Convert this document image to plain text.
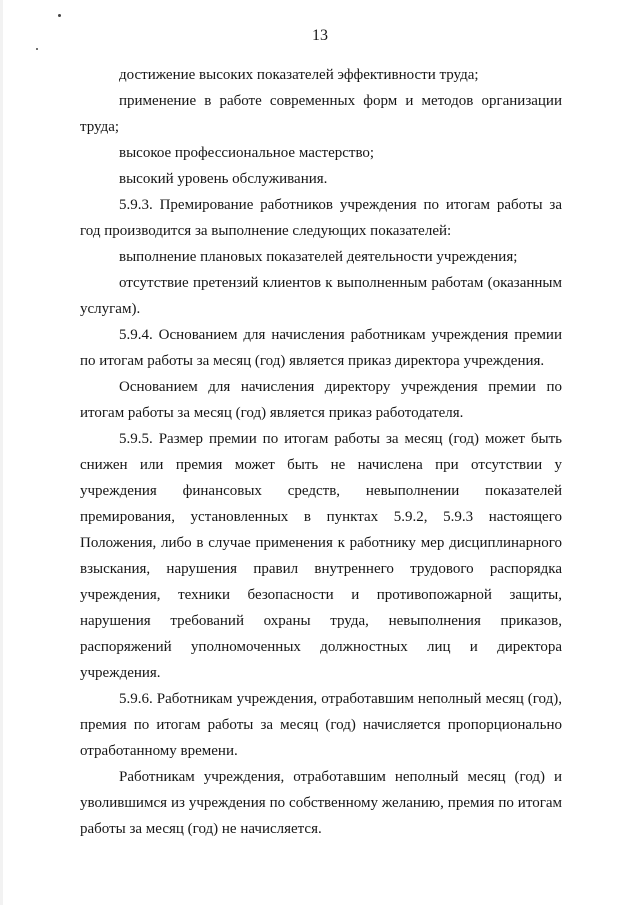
13

достижение высоких показателей эффективности труда;

применение в работе современных форм и методов организации труда;

высокое профессиональное мастерство;

высокий уровень обслуживания.

5.9.3. Премирование работников учреждения по итогам работы за год производится за выполнение следующих показателей:

выполнение плановых показателей деятельности учреждения;

отсутствие претензий клиентов к выполненным работам (оказанным услугам).

5.9.4. Основанием для начисления работникам учреждения премии по итогам работы за месяц (год) является приказ директора учреждения.

Основанием для начисления директору учреждения премии по итогам работы за месяц (год) является приказ работодателя.

5.9.5. Размер премии по итогам работы за месяц (год) может быть снижен или премия может быть не начислена при отсутствии у учреждения финансовых средств, невыполнении показателей премирования, установленных в пунктах 5.9.2, 5.9.3 настоящего Положения, либо в случае применения к работнику мер дисциплинарного взыскания, нарушения правил внутреннего трудового распорядка учреждения, техники безопасности и противопожарной защиты, нарушения требований охраны труда, невыполнения приказов, распоряжений уполномоченных должностных лиц и директора учреждения.

5.9.6. Работникам учреждения, отработавшим неполный месяц (год), премия по итогам работы за месяц (год) начисляется пропорционально отработанному времени.

Работникам учреждения, отработавшим неполный месяц (год) и уволившимся из учреждения по собственному желанию, премия по итогам работы за месяц (год) не начисляется.
